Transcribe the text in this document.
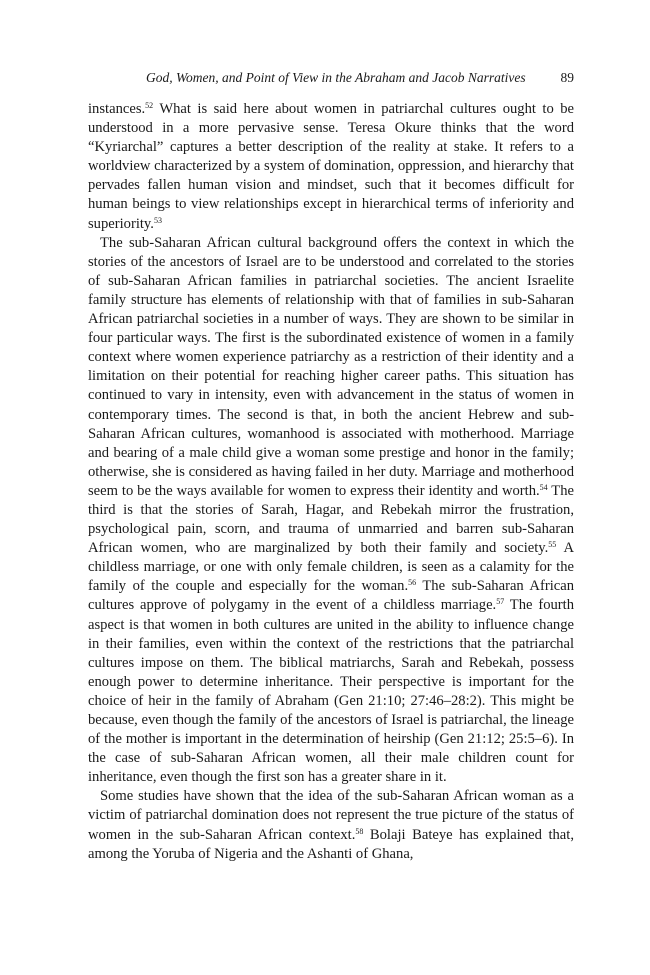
God, Women, and Point of View in the Abraham and Jacob Narratives	89

instances.$^{52}$ What is said here about women in patriarchal cultures ought to be understood in a more pervasive sense. Teresa Okure thinks that the word “Kyriarchal” captures a better description of the reality at stake. It refers to a worldview characterized by a system of domination, oppression, and hierarchy that pervades fallen human vision and mindset, such that it becomes difficult for human beings to view relationships except in hierarchical terms of inferiority and superiority.$^{53}$

The sub-Saharan African cultural background offers the context in which the stories of the ancestors of Israel are to be understood and correlated to the stories of sub-Saharan African families in patriarchal societies. The ancient Israelite family structure has elements of relationship with that of families in sub-Saharan African patriarchal societies in a number of ways. They are shown to be similar in four particular ways. The first is the subordinated existence of women in a family context where women experience patriarchy as a restriction of their identity and a limitation on their potential for reaching higher career paths. This situation has continued to vary in intensity, even with advancement in the status of women in contemporary times. The second is that, in both the ancient Hebrew and sub-Saharan African cultures, womanhood is associated with motherhood. Marriage and bearing of a male child give a woman some prestige and honor in the family; otherwise, she is considered as having failed in her duty. Marriage and motherhood seem to be the ways available for women to express their identity and worth.$^{54}$ The third is that the stories of Sarah, Hagar, and Rebekah mirror the frustration, psychological pain, scorn, and trauma of unmarried and barren sub-Saharan African women, who are marginalized by both their family and society.$^{55}$ A childless marriage, or one with only female children, is seen as a calamity for the family of the couple and especially for the woman.$^{56}$ The sub-Saharan African cultures approve of polygamy in the event of a childless marriage.$^{57}$ The fourth aspect is that women in both cultures are united in the ability to influence change in their families, even within the context of the restrictions that the patriarchal cultures impose on them. The biblical matriarchs, Sarah and Rebekah, possess enough power to determine inheritance. Their perspective is important for the choice of heir in the family of Abraham (Gen 21:10; 27:46–28:2). This might be because, even though the family of the ancestors of Israel is patriarchal, the lineage of the mother is important in the determination of heirship (Gen 21:12; 25:5–6). In the case of sub-Saharan African women, all their male children count for inheritance, even though the first son has a greater share in it.

Some studies have shown that the idea of the sub-Saharan African woman as a victim of patriarchal domination does not represent the true picture of the status of women in the sub-Saharan African context.$^{58}$ Bolaji Bateye has explained that, among the Yoruba of Nigeria and the Ashanti of Ghana,
